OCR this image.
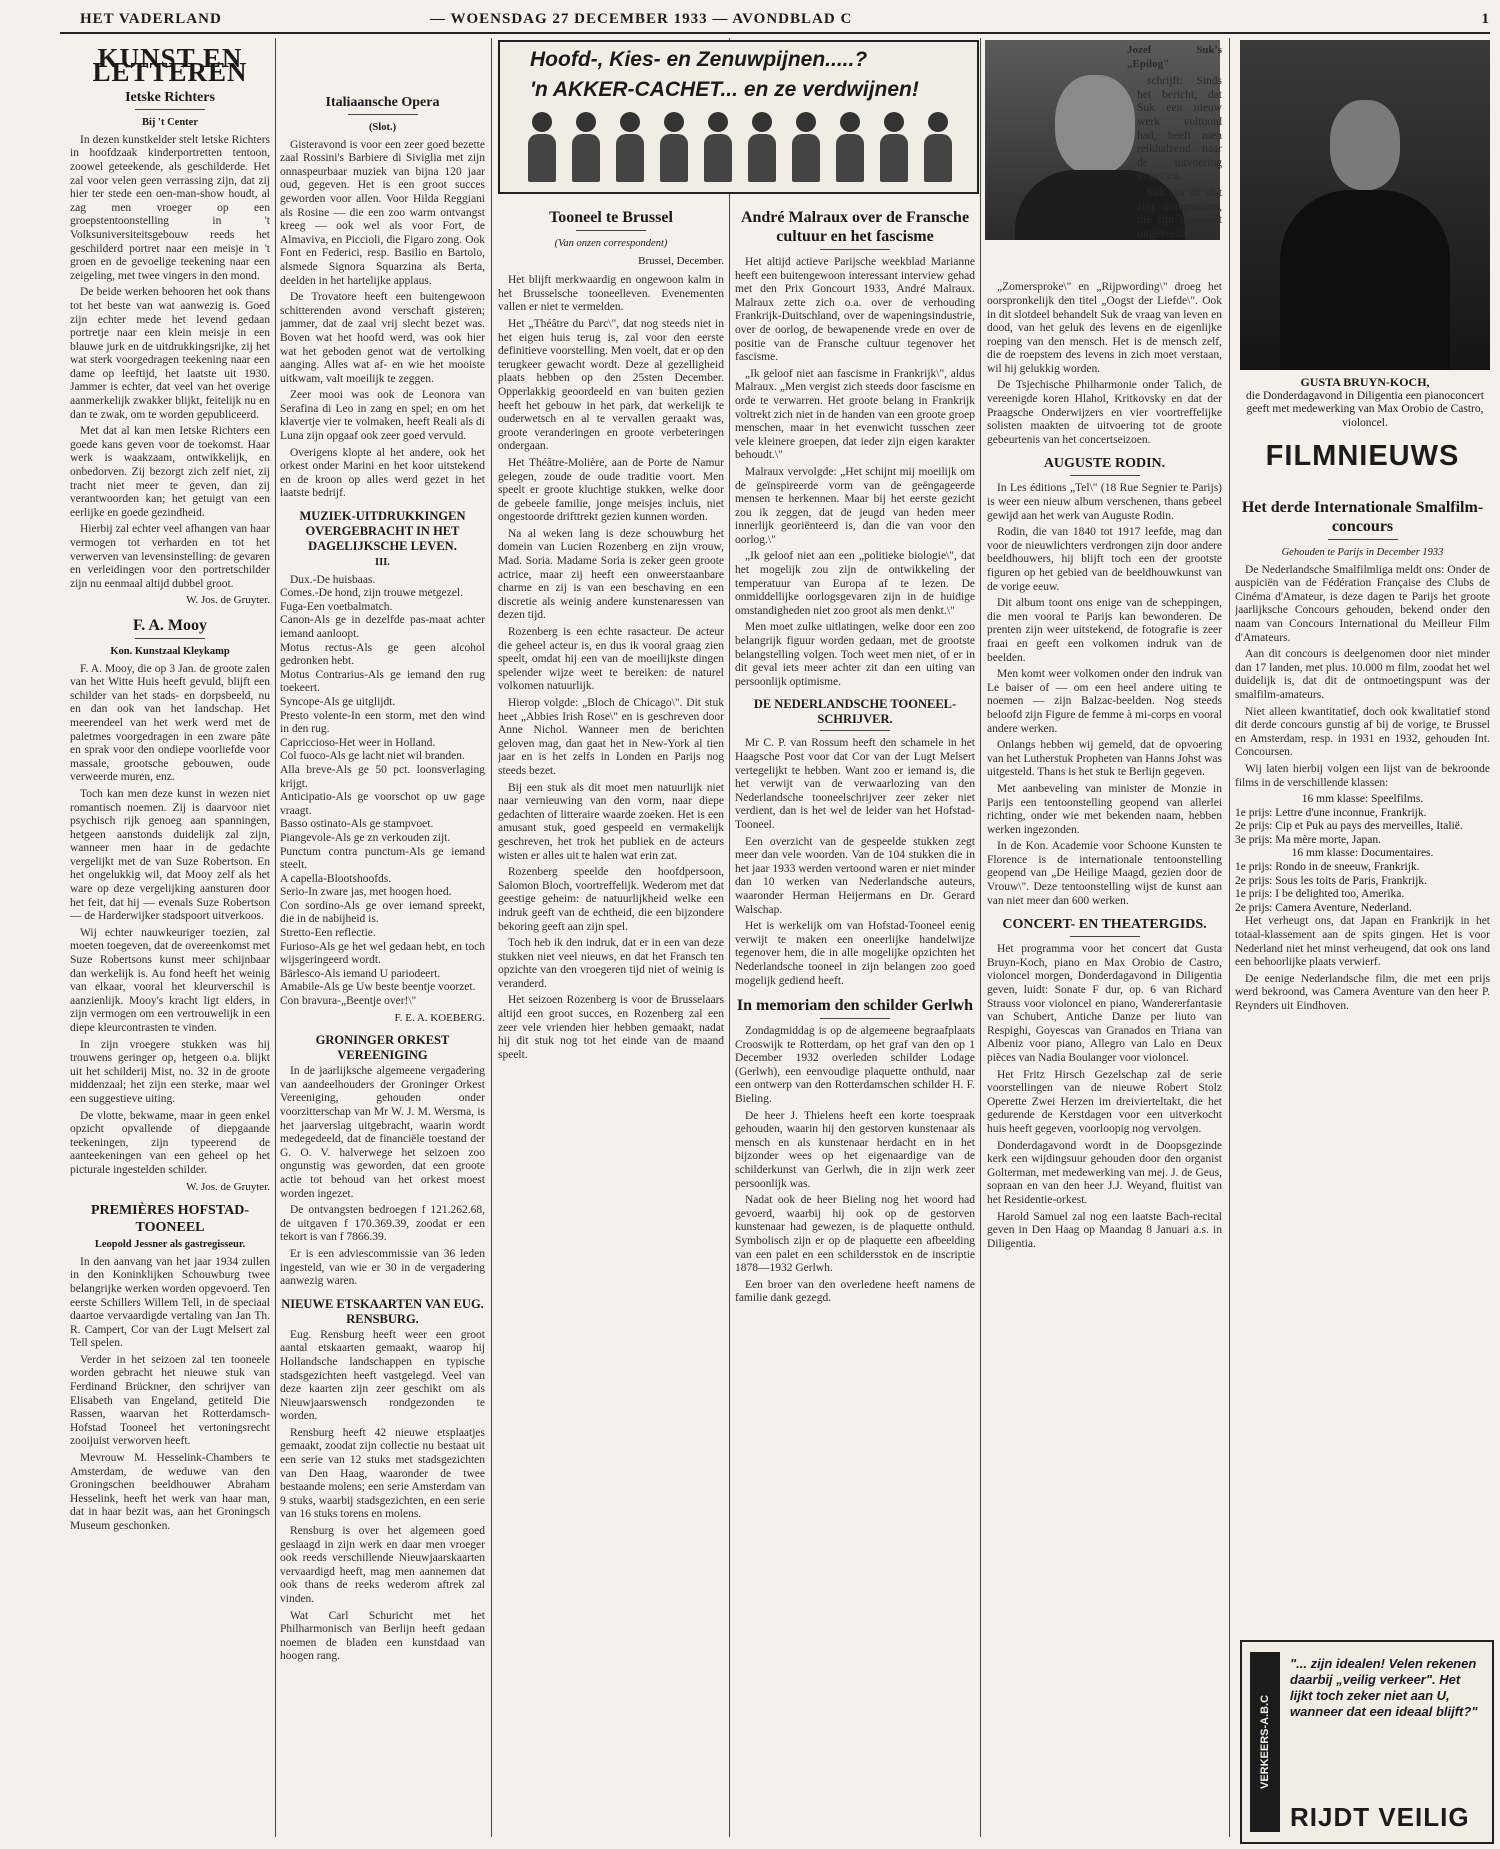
HET VADERLAND	— WOENSDAG 27 DECEMBER 1933 — AVONDBLAD C	1
KUNST EN LETTEREN
Ietske Richters
Bij 't Center

In dezen kunstkelder stelt Ietske Richters in hoofdzaak kinderportretten tentoon, zoowel geteekende, als geschilderde. Het zal voor velen geen verrassing zijn, dat zij hier ter stede een oen-man-show houdt, al zag men vroeger op een groepstentoonstelling in 't Volksuniversiteitsgebouw reeds het geschilderd portret naar een meisje in 't groen en de gevoelige teekening naar een zeigeling, met twee vingers in den mond.

De beide werken behooren het ook thans tot het beste van wat aanwezig is. Goed zijn echter mede het levend gedaan portretje naar een klein meisje in een blauwe jurk en de uitdrukkingsrijke, zij het wat sterk voorgedragen teekening naar een dame op leeftijd, het laatste uit 1930. Jammer is echter, dat veel van het overige aanmerkelijk zwakker blijkt, feitelijk nu en dan te zwak, om te worden gepubliceerd.

Met dat al kan men Ietske Richters een goede kans geven voor de toekomst. Haar werk is waakzaam, ontwikkelijk, en onbedorven. Zij bezorgt zich zelf niet, zij tracht niet meer te geven, dan zij verantwoorden kan; het getuigt van een eerlijke en goede gezindheid.

Hierbij zal echter veel afhangen van haar vermogen tot verharden en tot het verwerven van levensinstelling: de gevaren en verleidingen voor den portretschilder zijn nu eenmaal altijd dubbel groot.

W. Jos. de Gruyter.
F. A. Mooy
Kon. Kunstzaal Kleykamp

F. A. Mooy, die op 3 Jan. de groote zalen van het Witte Huis heeft gevuld, blijft een schilder van het stads- en dorpsbeeld, nu en dan ook van het landschap. Het meerendeel van het werk werd met de paletmes voorgedragen in een zware pâte en sprak voor den ondiepe voorliefde voor massale, grootsche gebouwen, oude verweerde muren, enz.

Toch kan men deze kunst in wezen niet romantisch noemen. Zij is daarvoor niet psychisch rijk genoeg aan spanningen, hetgeen aanstonds duidelijk zal zijn, wanneer men haar in de gedachte vergelijkt met de van Suze Robertson. En het ongelukkig wil, dat Mooy zelf als het ware op deze vergelijking aansturen door het feit, dat hij — evenals Suze Robertson — de Harderwijker stadspoort uitverkoos.

Wij echter nauwkeuriger toezien, zal moeten toegeven, dat de overeenkomst met Suze Robertsons kunst meer schijnbaar dan werkelijk is. Au fond heeft het weinig van elkaar, vooral het kleurverschil is aanzienlijk. Mooy's kracht ligt elders, in zijn vermogen om een vertrouwelijk in een diepe kleurcontrasten te vinden.

In zijn vroegere stukken was hij trouwens geringer op, hetgeen o.a. blijkt uit het schilderij Mist, no. 32 in de groote middenzaal; het zijn een sterke, maar wel een suggestieve uiting.

De vlotte, bekwame, maar in geen enkel opzicht opvallende of diepgaande teekeningen, zijn typeerend de aanteekeningen van een geheel op het picturale ingestelden schilder.

W. Jos. de Gruyter.
PREMIÈRES HOFSTAD-TOONEEL
Leopold Jessner als gastregisseur.

In den aanvang van het jaar 1934 zullen in den Koninklijken Schouwburg twee belangrijke werken worden opgevoerd. Ten eerste Schillers Willem Tell, in de speciaal daartoe vervaardigde vertaling van Jan Th. R. Campert, Cor van der Lugt Melsert zal Tell spelen.

Verder in het seizoen zal ten tooneele worden gebracht het nieuwe stuk van Ferdinand Brückner, den schrijver van Elisabeth van Engeland, getiteld Die Rassen, waarvan het Rotterdamsch-Hofstad Tooneel het vertoningsrecht zooijuist verworven heeft.

Mevrouw M. Hesselink-Chambers te Amsterdam, de weduwe van den Groningschen beeldhouwer Abraham Hesselink, heeft het werk van haar man, dat in haar bezit was, aan het Groningsch Museum geschonken.

Italiaansche Opera
(Slot.)

Gisteravond is voor een zeer goed bezette zaal Rossini's Barbiere di Siviglia met zijn onnaspeurbaar muziek van bijna 120 jaar oud, gegeven. Het is een groot succes geworden voor allen. Voor Hilda Reggiani als Rosine — die een zoo warm ontvangst kreeg — ook wel als voor Fort, de Almaviva, en Piccioli, die Figaro zong. Ook Font en Federici, resp. Basilio en Bartolo, alsmede Signora Squarzina als Berta, deelden in het hartelijke applaus.

De Trovatore heeft een buitengewoon schitterenden avond verschaft gisteren; jammer, dat de zaal vrij slecht bezet was. Boven wat het hoofd werd, was ook hier wat het geboden genot wat de vertolking aanging. Alles wat af- en wie het mooiste uitkwam, valt moeilijk te zeggen.

Zeer mooi was ook de Leonora van Serafina di Leo in zang en spel; en om het klavertje vier te volmaken, heeft Reali als di Luna zijn opgaaf ook zeer goed vervuld.

Overigens klopte al het andere, ook het orkest onder Marini en het koor uitstekend en de kroon op alles werd gezet in het laatste bedrijf.

MUZIEK-UITDRUKKINGEN OVERGEBRACHT IN HET DAGELIJKSCHE LEVEN.
III.

Dux.-De huisbaas.
Comes.-De hond, zijn trouwe metgezel.
Fuga-Een voetbalmatch.
Canon-Als ge in dezelfde pas-maat achter iemand aanloopt.
Motus rectus-Als ge geen alcohol gedronken hebt.
Motus Contrarius-Als ge iemand den rug toekeert.
Syncope-Als ge uitglijdt.
Presto volente-In een storm, met den wind in den rug.
Capriccioso-Het weer in Holland.
Col fuoco-Als ge lacht niet wil branden.
Alla breve-Als ge 50 pct. loonsverlaging krijgt.
Anticipatio-Als ge voorschot op uw gage vraagt.
Basso ostinato-Als ge stampvoet.
Piangevole-Als ge zn verkouden zijt.
Punctum contra punctum-Als ge iemand steelt.
A capella-Blootshoofds.
Serio-In zware jas, met hoogen hoed.
Con sordino-Als ge over iemand spreekt, die in de nabijheid is.
Stretto-Een reflectie.
Furioso-Als ge het wel gedaan hebt, en toch wijsgeringeerd wordt.
Bärlesco-Als iemand U pariodeert.
Amabile-Als ge Uw beste beentje voorzet.
Con bravura-„Beentje over!\"

F. E. A. KOEBERG.
GRONINGER ORKEST VEREENIGING

In de jaarlijksche algemeene vergadering van aandeelhouders der Groninger Orkest Vereeniging, gehouden onder voorzitterschap van Mr W. J. M. Wersma, is het jaarverslag uitgebracht, waarin wordt medegedeeld, dat de financiële toestand der G. O. V. halverwege het seizoen zoo ongunstig was geworden, dat een groote actie tot behoud van het orkest moest worden ingezet.

De ontvangsten bedroegen f 121.262.68, de uitgaven f 170.369.39, zoodat er een tekort is van f 7866.39.

Er is een adviescommissie van 36 leden ingesteld, van wie er 30 in de vergadering aanwezig waren.

NIEUWE ETSKAARTEN VAN EUG. RENSBURG.

Eug. Rensburg heeft weer een groot aantal etskaarten gemaakt, waarop hij Hollandsche landschappen en typische stadsgezichten heeft vastgelegd. Veel van deze kaarten zijn zeer geschikt om als Nieuwjaarswensch rondgezonden te worden.

Rensburg heeft 42 nieuwe etsplaatjes gemaakt, zoodat zijn collectie nu bestaat uit een serie van 12 stuks met stadsgezichten van Den Haag, waaronder de twee bestaande molens; een serie Amsterdam van 9 stuks, waarbij stadsgezichten, en een serie van 16 stuks torens en molens.

Rensburg is over het algemeen goed geslaagd in zijn werk en daar men vroeger ook reeds verschillende Nieuwjaarskaarten vervaardigd heeft, mag men aannemen dat ook thans de reeks wederom aftrek zal vinden.

Wat Carl Schuricht met het Philharmonisch van Berlijn heeft gedaan noemen de bladen een kunstdaad van hoogen rang.

Hoofd-, Kies- en Zenuwpijnen.....?
'n AKKER-CACHET... en ze verdwijnen!
Tooneel te Brussel
(Van onzen correspondent)
Brussel, December.

Het blijft merkwaardig en ongewoon kalm in het Brusselsche tooneelleven. Evenementen vallen er niet te vermelden.

Het „Théâtre du Parc\", dat nog steeds niet in het eigen huis terug is, zal voor den eerste definitieve voorstelling. Men voelt, dat er op den terugkeer gewacht wordt. Deze al gezelligheid plaats hebben op den 25sten December. Opperlakkig geoordeeld en van buiten gezien heeft het gebouw in het park, dat werkelijk te ouderwetsch en al te vervallen geraakt was, groote veranderingen en groote verbeteringen ondergaan.

Het Théâtre-Molière, aan de Porte de Namur gelegen, zoude de oude traditie voort. Men speelt er groote kluchtige stukken, welke door de gebeele familie, jonge meisjes incluis, niet ongestoorde drifttrekt gezien kunnen worden.

Na al weken lang is deze schouwburg het domein van Lucien Rozenberg en zijn vrouw, Mad. Soria. Madame Soria is zeker geen groote actrice, maar zij heeft een onweerstaanbare charme en zij is van een beschaving en een discretie als weinig andere kunstenaressen van dezen tijd.

Rozenberg is een echte rasacteur. De acteur die geheel acteur is, en dus ik vooral graag zien speelt, omdat hij een van de moeilijkste dingen spelender wijze weet te bereiken: de naturel volkomen natuurlijk.

Hierop volgde: „Bloch de Chicago\". Dit stuk heet „Abbies Irish Rose\" en is geschreven door Anne Nichol. Wanneer men de berichten geloven mag, dan gaat het in New-York al tien jaar en is het zelfs in Londen en Parijs nog steeds bezet.

Bij een stuk als dit moet men natuurlijk niet naar vernieuwing van den vorm, naar diepe gedachten of litteraire waarde zoeken. Het is een amusant stuk, goed gespeeld en vermakelijk geschreven, het trok het publiek en de acteurs wisten er alles uit te halen wat erin zat.

Rozenberg speelde den hoofdpersoon, Salomon Bloch, voortreffelijk. Wederom met dat geestige geheim: de natuurlijkheid welke een indruk geeft van de echtheid, die een bijzondere bekoring geeft aan zijn spel.

Toch heb ik den indruk, dat er in een van deze stukken niet veel nieuws, en dat het Fransch ten opzichte van den vroegeren tijd niet of weinig is veranderd.

Het seizoen Rozenberg is voor de Brusselaars altijd een groot succes, en Rozenberg zal een zeer vele vrienden hier hebben gemaakt, nadat hij dit stuk nog tot het einde van de maand speelt.

André Malraux over de Fransche cultuur en het fascisme

Het altijd actieve Parijsche weekblad Marianne heeft een buitengewoon interessant interview gehad met den Prix Goncourt 1933, André Malraux. Malraux zette zich o.a. over de verhouding Frankrijk-Duitschland, over de wapeningsindustrie, over de oorlog, de bewapenende vrede en over de positie van de Fransche cultuur tegenover het fascisme.

„Ik geloof niet aan fascisme in Frankrijk\", aldus Malraux. „Men vergist zich steeds door fascisme en orde te verwarren. Het groote belang in Frankrijk voltrekt zich niet in de handen van een groote groep menschen, maar in het evenwicht tusschen zeer vele kleinere groepen, dat ieder zijn eigen karakter behoudt.\"

Malraux vervolgde: „Het schijnt mij moeilijk om de geïnspireerde vorm van de geëngageerde mensen te herkennen. Maar bij het eerste gezicht zou ik zeggen, dat de jeugd van heden meer innerlijk georiënteerd is, dan die van voor den oorlog.\"

„Ik geloof niet aan een „politieke biologie\", dat het mogelijk zou zijn de ontwikkeling der temperatuur van Europa af te lezen. De onmiddellijke oorlogsgevaren zijn in de huidige omstandigheden niet zoo groot als men denkt.\"

Men moet zulke uitlatingen, welke door een zoo belangrijk figuur worden gedaan, met de grootste belangstelling volgen. Toch weet men niet, of er in dit geval iets meer achter zit dan een uiting van persoonlijk optimisme.

DE NEDERLANDSCHE TOONEEL-SCHRIJVER.

Mr C. P. van Rossum heeft den schamele in het Haagsche Post voor dat Cor van der Lugt Melsert vertegelijkt te hebben. Want zoo er iemand is, die het verwijt van de verwaarlozing van den Nederlandsche tooneelschrijver zeer zeker niet verdient, dan is het wel de leider van het Hofstad-Tooneel.

Een overzicht van de gespeelde stukken zegt meer dan vele woorden. Van de 104 stukken die in het jaar 1933 werden vertoond waren er niet minder dan 10 werken van Nederlandsche auteurs, waaronder Herman Heijermans en Dr. Gerard Walschap.

Het is werkelijk om van Hofstad-Tooneel eenig verwijt te maken een oneerlijke handelwijze tegenover hem, die in alle mogelijke opzichten het Nederlandsche tooneel in zijn belangen zoo goed mogelijk gediend heeft.

In memoriam den schilder Gerlwh

Zondagmiddag is op de algemeene begraafplaats Crooswijk te Rotterdam, op het graf van den op 1 December 1932 overleden schilder Lodage (Gerlwh), een eenvoudige plaquette onthuld, naar een ontwerp van den Rotterdamschen schilder H. F. Bieling.

De heer J. Thielens heeft een korte toespraak gehouden, waarin hij den gestorven kunstenaar als mensch en als kunstenaar herdacht en in het bijzonder wees op het eigenaardige van de schilderkunst van Gerlwh, die in zijn werk zeer persoonlijk was.

Nadat ook de heer Bieling nog het woord had gevoerd, waarbij hij ook op de gestorven kunstenaar had gewezen, is de plaquette onthuld. Symbolisch zijn er op de plaquette een afbeelding van een palet en een schildersstok en de inscriptie 1878—1932 Gerlwh.

Een broer van den overledene heeft namens de familie dank gezegd.

Jozef Suk's „Epilog"

schrijft: Sinds het bericht, dat Suk een nieuw werk voltooid had, heeft men reikhalzend naar de uitvoering uitgezien.

Suk aan dit slot zijn composities, die zijn imposant uitgeveerd.

„Zomersproke\" en „Rijpwording\" droeg het oorspronkelijk den titel „Oogst der Liefde\". Ook in dit slotdeel behandelt Suk de vraag van leven en dood, van het geluk des levens en de eigenlijke roeping van den mensch. Het is de mensch zelf, die de roepstem des levens in zich moet verstaan, wil hij gelukkig worden.

De Tsjechische Philharmonie onder Talich, de vereenigde koren Hlahol, Kritkovsky en dat der Praagsche Onderwijzers en vier voortreffelijke solisten maakten de uitvoering tot de groote gebeurtenis van het concertseizoen.

AUGUSTE RODIN.

In Les éditions „Tel\" (18 Rue Segnier te Parijs) is weer een nieuw album verschenen, thans gebeel gewijd aan het werk van Auguste Rodin.

Rodin, die van 1840 tot 1917 leefde, mag dan voor de nieuwlichters verdrongen zijn door andere beeldhouwers, hij blijft toch een der grootste figuren op het gebied van de beeldhouwkunst van de vorige eeuw.

Dit album toont ons enige van de scheppingen, die men vooral te Parijs kan bewonderen. De prenten zijn weer uitstekend, de fotografie is zeer fraai en geeft een volkomen indruk van de beelden.

Men komt weer volkomen onder den indruk van Le baiser of — om een heel andere uiting te noemen — zijn Balzac-beelden. Nog steeds beloofd zijn Figure de femme à mi-corps en vooral andere werken.

Onlangs hebben wij gemeld, dat de opvoering van het Lutherstuk Propheten van Hanns Johst was uitgesteld. Thans is het stuk te Berlijn gegeven.

Met aanbeveling van minister de Monzie in Parijs een tentoonstelling geopend van allerlei richting, onder wie met bekenden naam, hebben werken ingezonden.

In de Kon. Academie voor Schoone Kunsten te Florence is de internationale tentoonstelling geopend van „De Heilige Maagd, gezien door de Vrouw\". Deze tentoonstelling wijst de kunst aan van niet meer dan 600 werken.

CONCERT- EN THEATERGIDS.

Het programma voor het concert dat Gusta Bruyn-Koch, piano en Max Orobio de Castro, violoncel morgen, Donderdagavond in Diligentia geven, luidt: Sonate F dur, op. 6 van Richard Strauss voor violoncel en piano, Wandererfantasie van Schubert, Antiche Danze per liuto van Respighi, Goyescas van Granados en Triana van Albeniz voor piano, Allegro van Lalo en Deux pièces van Nadia Boulanger voor violoncel.

Het Fritz Hirsch Gezelschap zal de serie voorstellingen van de nieuwe Robert Stolz Operette Zwei Herzen im dreivierteltakt, die het gedurende de Kerstdagen voor een uitverkocht huis heeft gegeven, voorloopig nog vervolgen.

Donderdagavond wordt in de Doopsgezinde kerk een wijdingsuur gehouden door den organist Golterman, met medewerking van mej. J. de Geus, sopraan en van den heer J.J. Weyand, fluitist van het Residentie-orkest.

Harold Samuel zal nog een laatste Bach-recital geven in Den Haag op Maandag 8 Januari a.s. in Diligentia.

GUSTA BRUYN-KOCH,
die Donderdagavond in Diligentia een pianoconcert geeft met medewerking van Max Orobio de Castro, violoncel.
FILMNIEUWS
Het derde Internationale Smalfilm-concours
Gehouden te Parijs in December 1933

De Nederlandsche Smalfilmliga meldt ons: Onder de auspiciën van de Fédération Française des Clubs de Cinéma d'Amateur, is deze dagen te Parijs het groote jaarlijksche Concours gehouden, bekend onder den naam van Concours International du Meilleur Film d'Amateurs.

Aan dit concours is deelgenomen door niet minder dan 17 landen, met plus. 10.000 m film, zoodat het wel duidelijk is, dat dit de ontmoetingspunt was der smalfilm-amateurs.

Niet alleen kwantitatief, doch ook kwalitatief stond dit derde concours gunstig af bij de vorige, te Brussel en Amsterdam, resp. in 1931 en 1932, gehouden Int. Concoursen.

Wij laten hierbij volgen een lijst van de bekroonde films in de verschillende klassen:

16 mm klasse: Speelfilms.
1e prijs: Lettre d'une inconnue, Frankrijk.
2e prijs: Cip et Puk au pays des merveilles, Italië.
3e prijs: Ma mère morte, Japan.
16 mm klasse: Documentaires.
1e prijs: Rondo in de sneeuw, Frankrijk.
2e prijs: Sous les toits de Paris, Frankrijk.
1e prijs: I be delighted too, Amerika.
2e prijs: Camera Aventure, Nederland.

Het verheugt ons, dat Japan en Frankrijk in het totaal-klassement aan de spits gingen. Het is voor Nederland niet het minst verheugend, dat ook ons land een behoorlijke plaats verwierf.

De eenige Nederlandsche film, die met een prijs werd bekroond, was Camera Aventure van den heer P. Reynders uit Eindhoven.

VERKEERS-A.B.C
"... zijn idealen! Velen rekenen daarbij „veilig verkeer". Het lijkt toch zeker niet aan U, wanneer dat een ideaal blijft?"
RIJDT VEILIG
